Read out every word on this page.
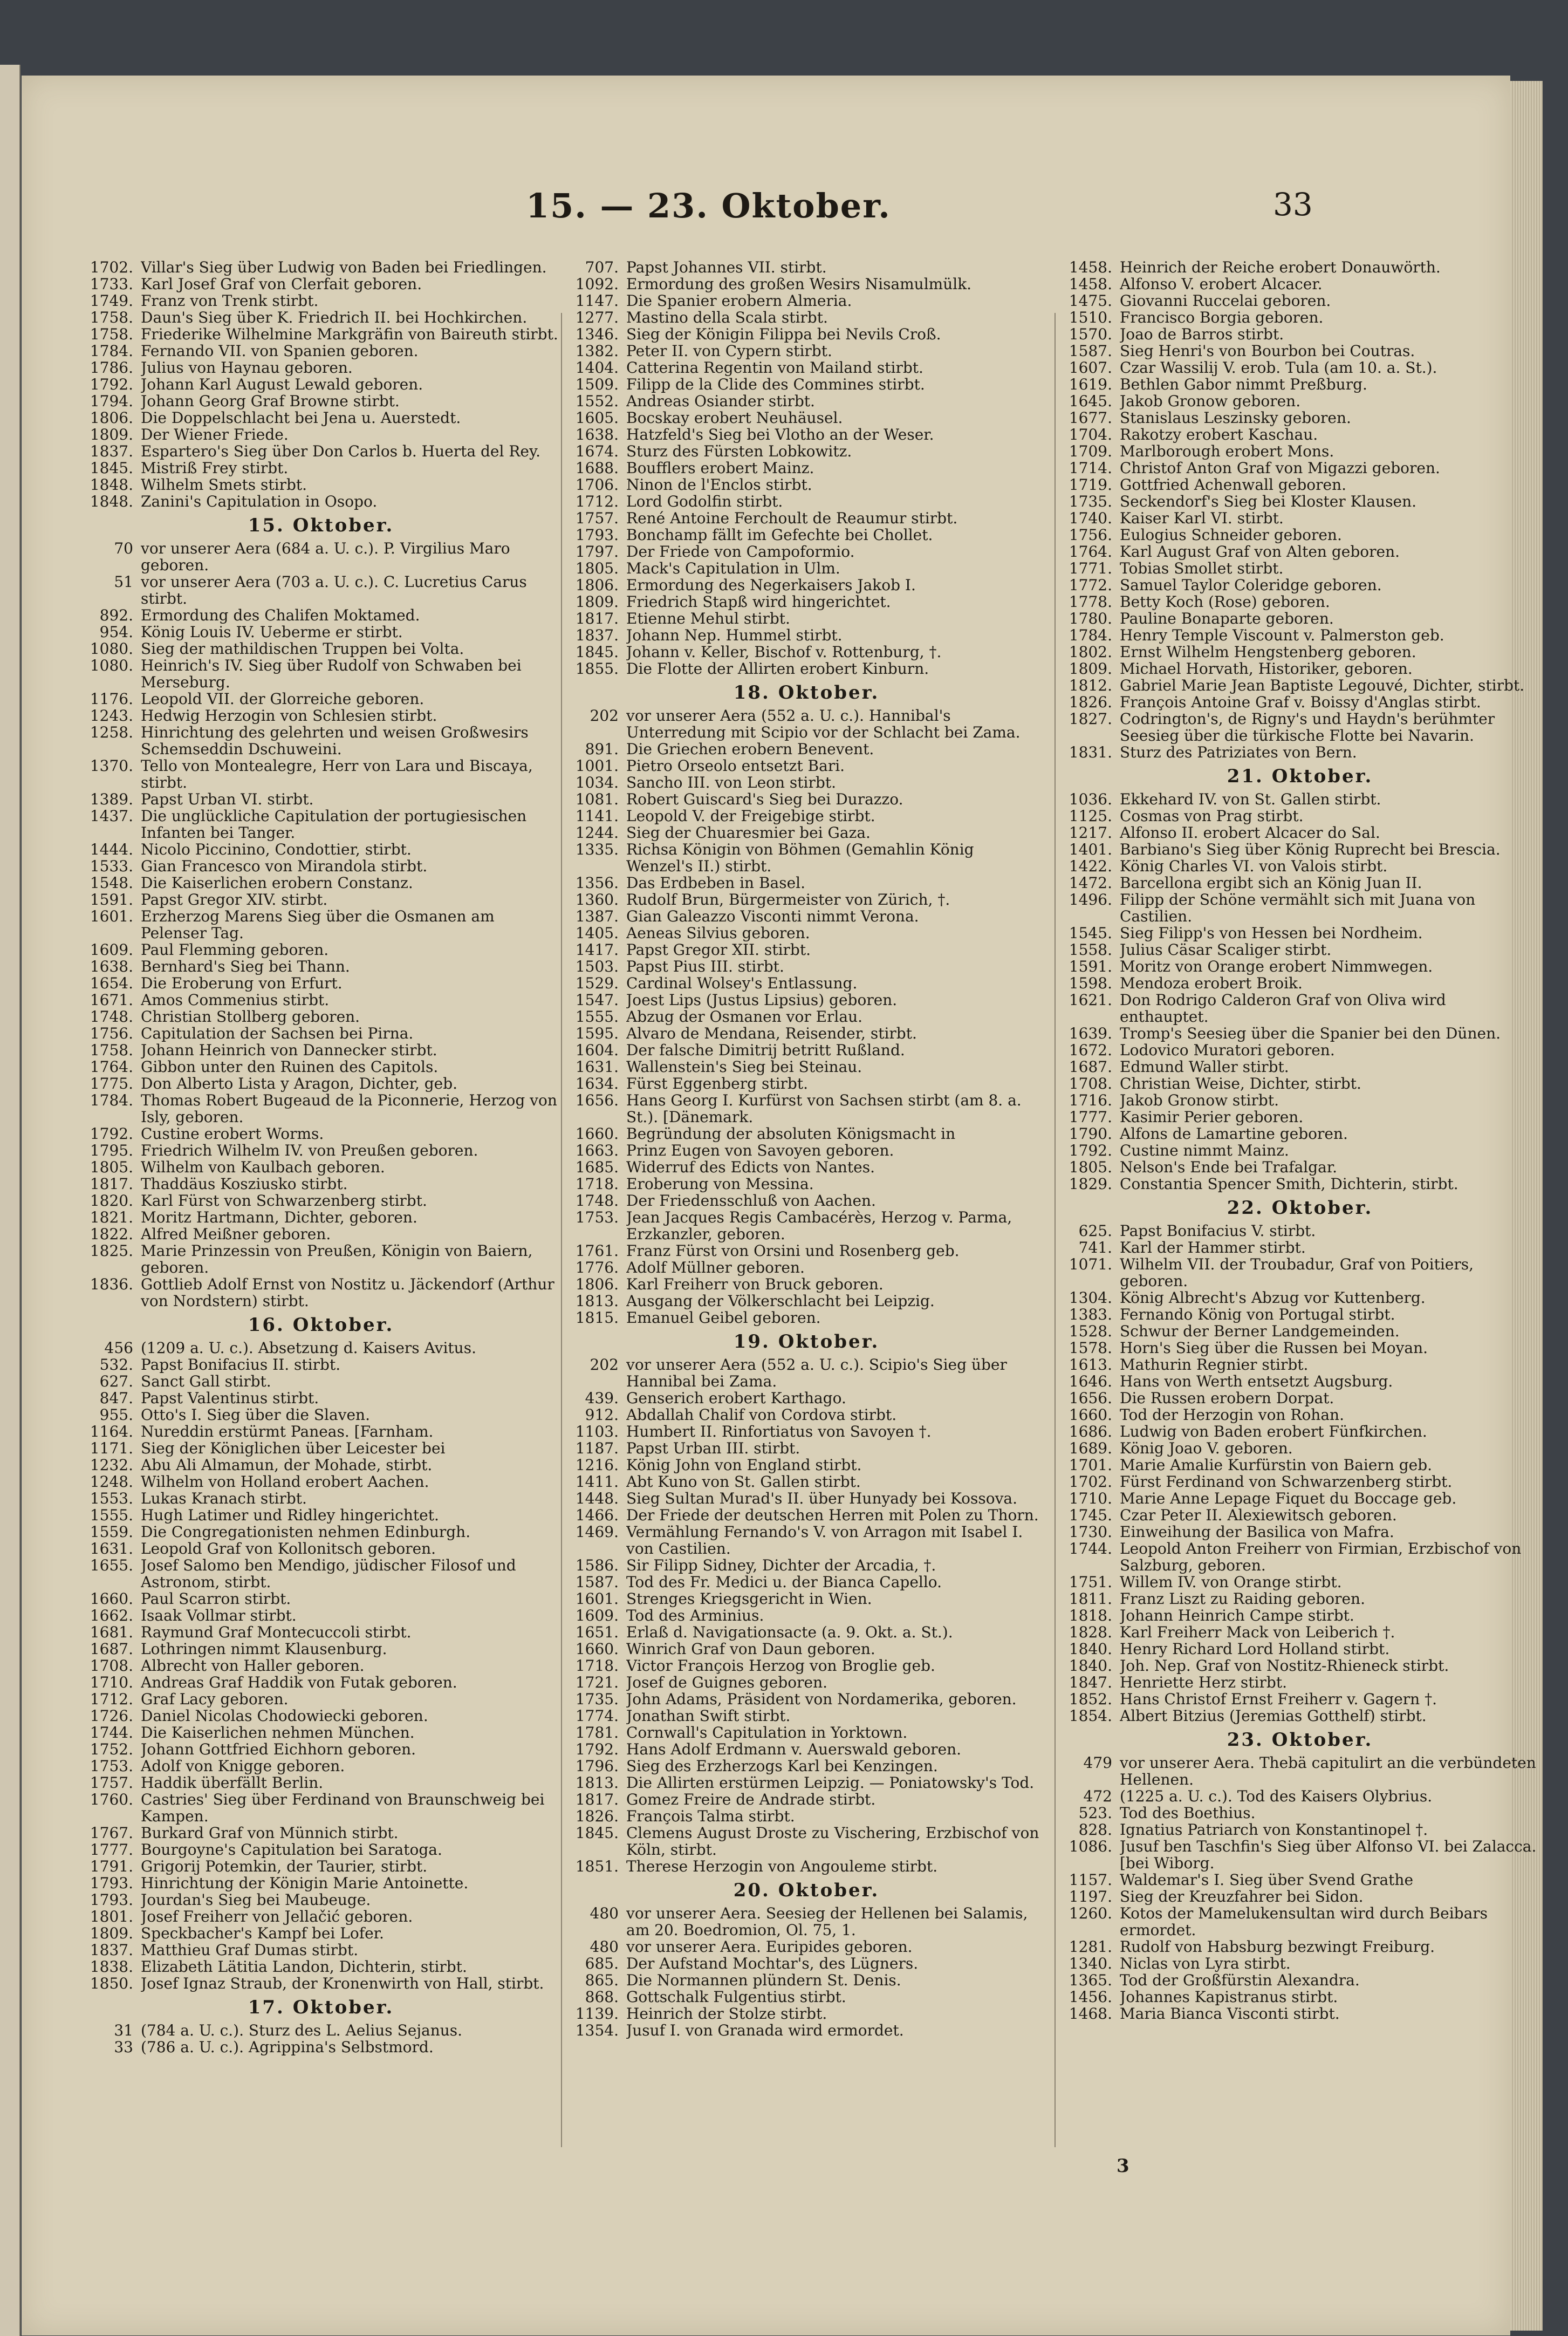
15. — 23. Oktober.	33
1702. Villar's Sieg über Ludwig von Baden bei Friedlingen.
1733. Karl Josef Graf von Clerfait geboren.
1749. Franz von Trenk stirbt.
1758. Daun's Sieg über K. Friedrich II. bei Hochkirchen.
1758. Friederike Wilhelmine Markgräfin von Baireuth stirbt.
1784. Fernando VII. von Spanien geboren.
1786. Julius von Haynau geboren.
1792. Johann Karl August Lewald geboren.
1794. Johann Georg Graf Browne stirbt.
1806. Die Doppelschlacht bei Jena u. Auerstedt.
1809. Der Wiener Friede.
1837. Espartero's Sieg über Don Carlos b. Huerta del Rey.
1845. Mistriß Frey stirbt.
1848. Wilhelm Smets stirbt.
1848. Zanini's Capitulation in Osopo.
15. Oktober.
70 vor unserer Aera (684 a. U. c.). P. Virgilius Maro geboren.
51 vor unserer Aera (703 a. U. c.). C. Lucretius Carus stirbt.
892. Ermordung des Chalifen Moktamed.
954. König Louis IV. Ueberme er stirbt.
1080. Sieg der mathildischen Truppen bei Volta.
1080. Heinrich's IV. Sieg über Rudolf von Schwaben bei Merseburg.
1176. Leopold VII. der Glorreiche geboren.
1243. Hedwig Herzogin von Schlesien stirbt.
1258. Hinrichtung des gelehrten und weisen Großwesirs Schemseddin Dschuweini.
1370. Tello von Montealegre, Herr von Lara und Biscaya, stirbt.
1389. Papst Urban VI. stirbt.
1437. Die unglückliche Capitulation der portugiesischen Infanten bei Tanger.
1444. Nicolo Piccinino, Condottier, stirbt.
1533. Gian Francesco von Mirandola stirbt.
1548. Die Kaiserlichen erobern Constanz.
1591. Papst Gregor XIV. stirbt.
1601. Erzherzog Marens Sieg über die Osmanen am Pelenser Tag.
1609. Paul Flemming geboren.
1638. Bernhard's Sieg bei Thann.
1654. Die Eroberung von Erfurt.
1671. Amos Commenius stirbt.
1748. Christian Stollberg geboren.
1756. Capitulation der Sachsen bei Pirna.
1758. Johann Heinrich von Dannecker stirbt.
1764. Gibbon unter den Ruinen des Capitols.
1775. Don Alberto Lista y Aragon, Dichter, geb.
1784. Thomas Robert Bugeaud de la Piconnerie, Herzog von Isly, geboren.
1792. Custine erobert Worms.
1795. Friedrich Wilhelm IV. von Preußen geboren.
1805. Wilhelm von Kaulbach geboren.
1817. Thaddäus Kosziusko stirbt.
1820. Karl Fürst von Schwarzenberg stirbt.
1821. Moritz Hartmann, Dichter, geboren.
1822. Alfred Meißner geboren.
1825. Marie Prinzessin von Preußen, Königin von Baiern, geboren.
1836. Gottlieb Adolf Ernst von Nostitz u. Jäckendorf (Arthur von Nordstern) stirbt.
16. Oktober.
456 (1209 a. U. c.). Absetzung d. Kaisers Avitus.
532. Papst Bonifacius II. stirbt.
627. Sanct Gall stirbt.
847. Papst Valentinus stirbt.
955. Otto's I. Sieg über die Slaven.
1164. Nureddin erstürmt Paneas. [Farnham.
1171. Sieg der Königlichen über Leicester bei
1232. Abu Ali Almamun, der Mohade, stirbt.
1248. Wilhelm von Holland erobert Aachen.
1553. Lukas Kranach stirbt.
1555. Hugh Latimer und Ridley hingerichtet.
1559. Die Congregationisten nehmen Edinburgh.
1631. Leopold Graf von Kollonitsch geboren.
1655. Josef Salomo ben Mendigo, jüdischer Filosof und Astronom, stirbt.
1660. Paul Scarron stirbt.
1662. Isaak Vollmar stirbt.
1681. Raymund Graf Montecuccoli stirbt.
1687. Lothringen nimmt Klausenburg.
1708. Albrecht von Haller geboren.
1710. Andreas Graf Haddik von Futak geboren.
1712. Graf Lacy geboren.
1726. Daniel Nicolas Chodowiecki geboren.
1744. Die Kaiserlichen nehmen München.
1752. Johann Gottfried Eichhorn geboren.
1753. Adolf von Knigge geboren.
1757. Haddik überfällt Berlin.
1760. Castries' Sieg über Ferdinand von Braunschweig bei Kampen.
1767. Burkard Graf von Münnich stirbt.
1777. Bourgoyne's Capitulation bei Saratoga.
1791. Grigorij Potemkin, der Taurier, stirbt.
1793. Hinrichtung der Königin Marie Antoinette.
1793. Jourdan's Sieg bei Maubeuge.
1801. Josef Freiherr von Jellačić geboren.
1809. Speckbacher's Kampf bei Lofer.
1837. Matthieu Graf Dumas stirbt.
1838. Elizabeth Lätitia Landon, Dichterin, stirbt.
1850. Josef Ignaz Straub, der Kronenwirth von Hall, stirbt.
17. Oktober.
31 (784 a. U. c.). Sturz des L. Aelius Sejanus.
33 (786 a. U. c.). Agrippina's Selbstmord.
707. Papst Johannes VII. stirbt.
1092. Ermordung des großen Wesirs Nisamulmülk.
1147. Die Spanier erobern Almeria.
1277. Mastino della Scala stirbt.
1346. Sieg der Königin Filippa bei Nevils Croß.
1382. Peter II. von Cypern stirbt.
1404. Catterina Regentin von Mailand stirbt.
1509. Filipp de la Clide des Commines stirbt.
1552. Andreas Osiander stirbt.
1605. Bocskay erobert Neuhäusel.
1638. Hatzfeld's Sieg bei Vlotho an der Weser.
1674. Sturz des Fürsten Lobkowitz.
1688. Boufflers erobert Mainz.
1706. Ninon de l'Enclos stirbt.
1712. Lord Godolfin stirbt.
1757. René Antoine Ferchoult de Reaumur stirbt.
1793. Bonchamp fällt im Gefechte bei Chollet.
1797. Der Friede von Campoformio.
1805. Mack's Capitulation in Ulm.
1806. Ermordung des Negerkaisers Jakob I.
1809. Friedrich Stapß wird hingerichtet.
1817. Etienne Mehul stirbt.
1837. Johann Nep. Hummel stirbt.
1845. Johann v. Keller, Bischof v. Rottenburg, †.
1855. Die Flotte der Allirten erobert Kinburn.
18. Oktober.
202 vor unserer Aera (552 a. U. c.). Hannibal's Unterredung mit Scipio vor der Schlacht bei Zama.
891. Die Griechen erobern Benevent.
1001. Pietro Orseolo entsetzt Bari.
1034. Sancho III. von Leon stirbt.
1081. Robert Guiscard's Sieg bei Durazzo.
1141. Leopold V. der Freigebige stirbt.
1244. Sieg der Chuaresmier bei Gaza.
1335. Richsa Königin von Böhmen (Gemahlin König Wenzel's II.) stirbt.
1356. Das Erdbeben in Basel.
1360. Rudolf Brun, Bürgermeister von Zürich, †.
1387. Gian Galeazzo Visconti nimmt Verona.
1405. Aeneas Silvius geboren.
1417. Papst Gregor XII. stirbt.
1503. Papst Pius III. stirbt.
1529. Cardinal Wolsey's Entlassung.
1547. Joest Lips (Justus Lipsius) geboren.
1555. Abzug der Osmanen vor Erlau.
1595. Alvaro de Mendana, Reisender, stirbt.
1604. Der falsche Dimitrij betritt Rußland.
1631. Wallenstein's Sieg bei Steinau.
1634. Fürst Eggenberg stirbt.
1656. Hans Georg I. Kurfürst von Sachsen stirbt (am 8. a. St.). [Dänemark.
1660. Begründung der absoluten Königsmacht in
1663. Prinz Eugen von Savoyen geboren.
1685. Widerruf des Edicts von Nantes.
1718. Eroberung von Messina.
1748. Der Friedensschluß von Aachen.
1753. Jean Jacques Regis Cambacérès, Herzog v. Parma, Erzkanzler, geboren.
1761. Franz Fürst von Orsini und Rosenberg geb.
1776. Adolf Müllner geboren.
1806. Karl Freiherr von Bruck geboren.
1813. Ausgang der Völkerschlacht bei Leipzig.
1815. Emanuel Geibel geboren.
19. Oktober.
202 vor unserer Aera (552 a. U. c.). Scipio's Sieg über Hannibal bei Zama.
439. Genserich erobert Karthago.
912. Abdallah Chalif von Cordova stirbt.
1103. Humbert II. Rinfortiatus von Savoyen †.
1187. Papst Urban III. stirbt.
1216. König John von England stirbt.
1411. Abt Kuno von St. Gallen stirbt.
1448. Sieg Sultan Murad's II. über Hunyady bei Kossova.
1466. Der Friede der deutschen Herren mit Polen zu Thorn.
1469. Vermählung Fernando's V. von Arragon mit Isabel I. von Castilien.
1586. Sir Filipp Sidney, Dichter der Arcadia, †.
1587. Tod des Fr. Medici u. der Bianca Capello.
1601. Strenges Kriegsgericht in Wien.
1609. Tod des Arminius.
1651. Erlaß d. Navigationsacte (a. 9. Okt. a. St.).
1660. Winrich Graf von Daun geboren.
1718. Victor François Herzog von Broglie geb.
1721. Josef de Guignes geboren.
1735. John Adams, Präsident von Nordamerika, geboren.
1774. Jonathan Swift stirbt.
1781. Cornwall's Capitulation in Yorktown.
1792. Hans Adolf Erdmann v. Auerswald geboren.
1796. Sieg des Erzherzogs Karl bei Kenzingen.
1813. Die Allirten erstürmen Leipzig. — Poniatowsky's Tod.
1817. Gomez Freire de Andrade stirbt.
1826. François Talma stirbt.
1845. Clemens August Droste zu Vischering, Erzbischof von Köln, stirbt.
1851. Therese Herzogin von Angouleme stirbt.
20. Oktober.
480 vor unserer Aera. Seesieg der Hellenen bei Salamis, am 20. Boedromion, Ol. 75, 1.
480 vor unserer Aera. Euripides geboren.
685. Der Aufstand Mochtar's, des Lügners.
865. Die Normannen plündern St. Denis.
868. Gottschalk Fulgentius stirbt.
1139. Heinrich der Stolze stirbt.
1354. Jusuf I. von Granada wird ermordet.
1458. Heinrich der Reiche erobert Donauwörth.
1458. Alfonso V. erobert Alcacer.
1475. Giovanni Ruccelai geboren.
1510. Francisco Borgia geboren.
1570. Joao de Barros stirbt.
1587. Sieg Henri's von Bourbon bei Coutras.
1607. Czar Wassilij V. erob. Tula (am 10. a. St.).
1619. Bethlen Gabor nimmt Preßburg.
1645. Jakob Gronow geboren.
1677. Stanislaus Leszinsky geboren.
1704. Rakotzy erobert Kaschau.
1709. Marlborough erobert Mons.
1714. Christof Anton Graf von Migazzi geboren.
1719. Gottfried Achenwall geboren.
1735. Seckendorf's Sieg bei Kloster Klausen.
1740. Kaiser Karl VI. stirbt.
1756. Eulogius Schneider geboren.
1764. Karl August Graf von Alten geboren.
1771. Tobias Smollet stirbt.
1772. Samuel Taylor Coleridge geboren.
1778. Betty Koch (Rose) geboren.
1780. Pauline Bonaparte geboren.
1784. Henry Temple Viscount v. Palmerston geb.
1802. Ernst Wilhelm Hengstenberg geboren.
1809. Michael Horvath, Historiker, geboren.
1812. Gabriel Marie Jean Baptiste Legouvé, Dichter, stirbt.
1826. François Antoine Graf v. Boissy d'Anglas stirbt.
1827. Codrington's, de Rigny's und Haydn's berühmter Seesieg über die türkische Flotte bei Navarin.
1831. Sturz des Patriziates von Bern.
21. Oktober.
1036. Ekkehard IV. von St. Gallen stirbt.
1125. Cosmas von Prag stirbt.
1217. Alfonso II. erobert Alcacer do Sal.
1401. Barbiano's Sieg über König Ruprecht bei Brescia.
1422. König Charles VI. von Valois stirbt.
1472. Barcellona ergibt sich an König Juan II.
1496. Filipp der Schöne vermählt sich mit Juana von Castilien.
1545. Sieg Filipp's von Hessen bei Nordheim.
1558. Julius Cäsar Scaliger stirbt.
1591. Moritz von Orange erobert Nimmwegen.
1598. Mendoza erobert Broik.
1621. Don Rodrigo Calderon Graf von Oliva wird enthauptet.
1639. Tromp's Seesieg über die Spanier bei den Dünen.
1672. Lodovico Muratori geboren.
1687. Edmund Waller stirbt.
1708. Christian Weise, Dichter, stirbt.
1716. Jakob Gronow stirbt.
1777. Kasimir Perier geboren.
1790. Alfons de Lamartine geboren.
1792. Custine nimmt Mainz.
1805. Nelson's Ende bei Trafalgar.
1829. Constantia Spencer Smith, Dichterin, stirbt.
22. Oktober.
625. Papst Bonifacius V. stirbt.
741. Karl der Hammer stirbt.
1071. Wilhelm VII. der Troubadur, Graf von Poitiers, geboren.
1304. König Albrecht's Abzug vor Kuttenberg.
1383. Fernando König von Portugal stirbt.
1528. Schwur der Berner Landgemeinden.
1578. Horn's Sieg über die Russen bei Moyan.
1613. Mathurin Regnier stirbt.
1646. Hans von Werth entsetzt Augsburg.
1656. Die Russen erobern Dorpat.
1660. Tod der Herzogin von Rohan.
1686. Ludwig von Baden erobert Fünfkirchen.
1689. König Joao V. geboren.
1701. Marie Amalie Kurfürstin von Baiern geb.
1702. Fürst Ferdinand von Schwarzenberg stirbt.
1710. Marie Anne Lepage Fiquet du Boccage geb.
1745. Czar Peter II. Alexiewitsch geboren.
1730. Einweihung der Basilica von Mafra.
1744. Leopold Anton Freiherr von Firmian, Erzbischof von Salzburg, geboren.
1751. Willem IV. von Orange stirbt.
1811. Franz Liszt zu Raiding geboren.
1818. Johann Heinrich Campe stirbt.
1828. Karl Freiherr Mack von Leiberich †.
1840. Henry Richard Lord Holland stirbt.
1840. Joh. Nep. Graf von Nostitz-Rhieneck stirbt.
1847. Henriette Herz stirbt.
1852. Hans Christof Ernst Freiherr v. Gagern †.
1854. Albert Bitzius (Jeremias Gotthelf) stirbt.
23. Oktober.
479 vor unserer Aera. Thebä capitulirt an die verbündeten Hellenen.
472 (1225 a. U. c.). Tod des Kaisers Olybrius.
523. Tod des Boethius.
828. Ignatius Patriarch von Konstantinopel †.
1086. Jusuf ben Taschfin's Sieg über Alfonso VI. bei Zalacca. [bei Wiborg.
1157. Waldemar's I. Sieg über Svend Grathe
1197. Sieg der Kreuzfahrer bei Sidon.
1260. Kotos der Mamelukensultan wird durch Beibars ermordet.
1281. Rudolf von Habsburg bezwingt Freiburg.
1340. Niclas von Lyra stirbt.
1365. Tod der Großfürstin Alexandra.
1456. Johannes Kapistranus stirbt.
1468. Maria Bianca Visconti stirbt.
3
